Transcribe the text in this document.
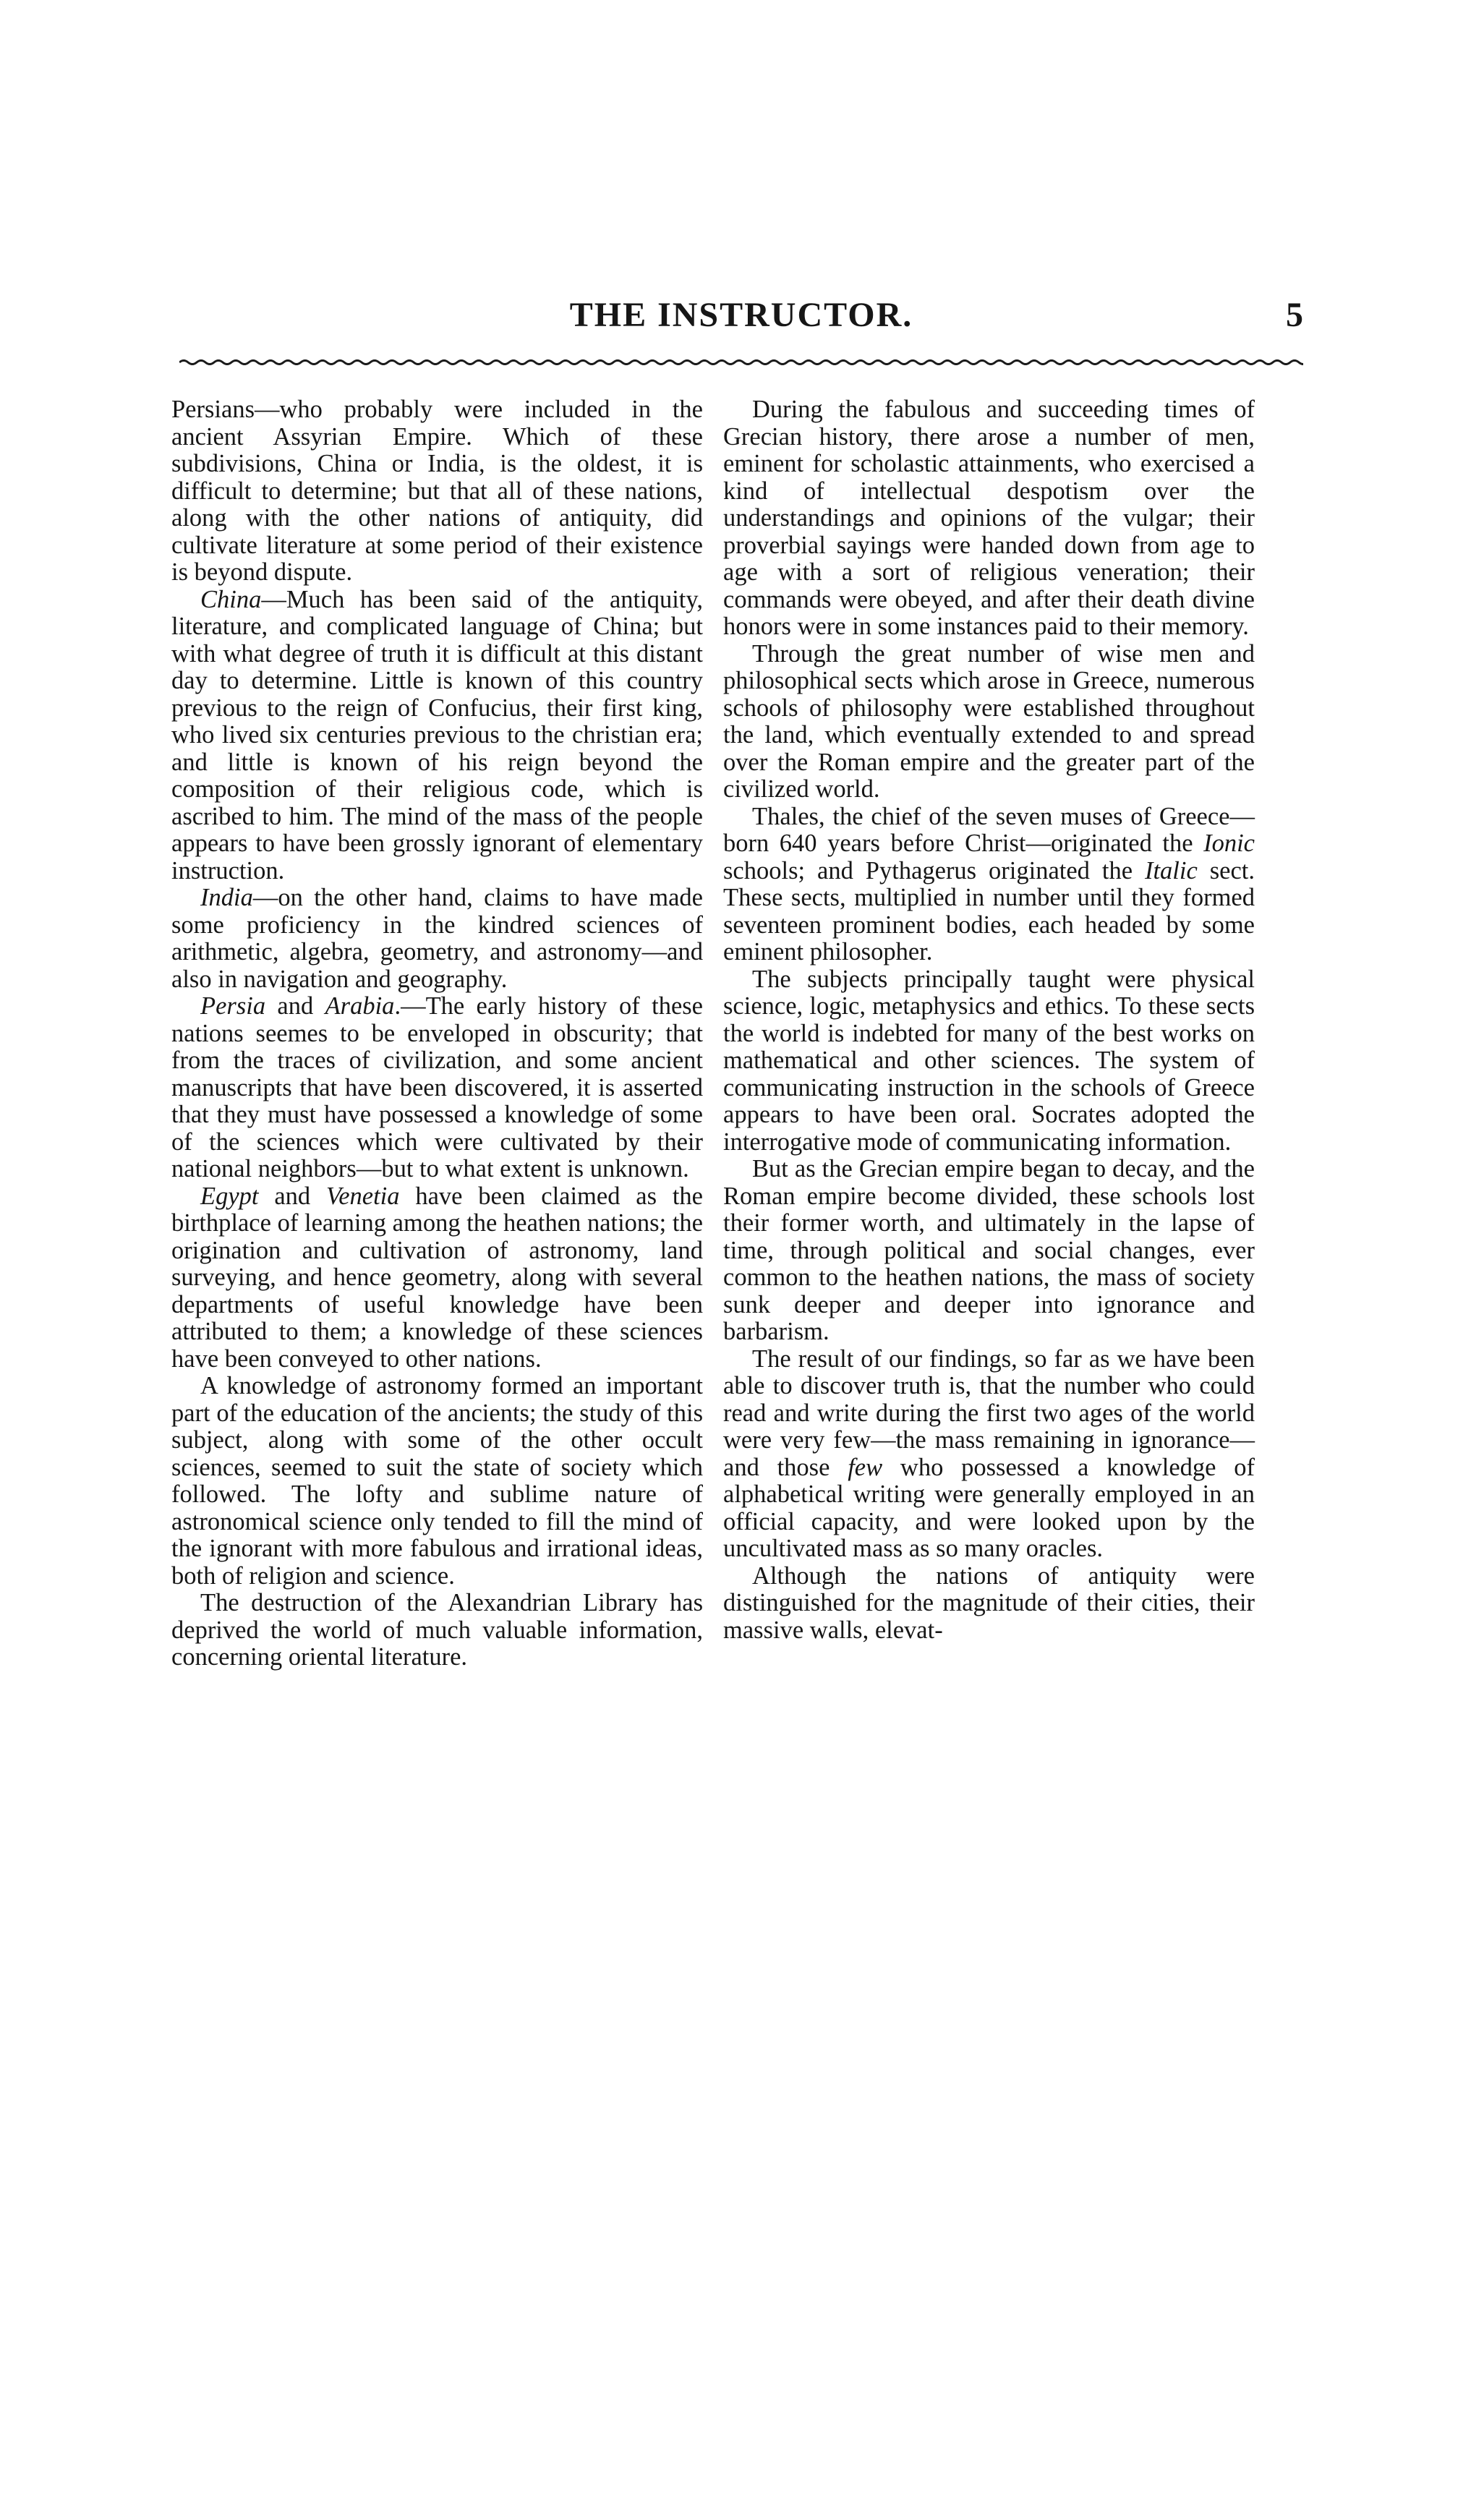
THE INSTRUCTOR.	5

Persians—who probably were included in the ancient Assyrian Empire. Which of these subdivisions, China or India, is the oldest, it is difficult to determine; but that all of these nations, along with the other nations of antiquity, did cultivate literature at some period of their existence is beyond dispute.

China—Much has been said of the antiquity, literature, and complicated language of China; but with what degree of truth it is difficult at this distant day to determine. Little is known of this country previous to the reign of Confucius, their first king, who lived six centuries previous to the christian era; and little is known of his reign beyond the composition of their religious code, which is ascribed to him. The mind of the mass of the people appears to have been grossly ignorant of elementary instruction.

India—on the other hand, claims to have made some proficiency in the kindred sciences of arithmetic, algebra, geometry, and astronomy—and also in navigation and geography.

Persia and Arabia.—The early history of these nations seemes to be enveloped in obscurity; that from the traces of civilization, and some ancient manuscripts that have been discovered, it is asserted that they must have possessed a knowledge of some of the sciences which were cultivated by their national neighbors—but to what extent is unknown.

Egypt and Venetia have been claimed as the birthplace of learning among the heathen nations; the origination and cultivation of astronomy, land surveying, and hence geometry, along with several departments of useful knowledge have been attributed to them; a knowledge of these sciences have been conveyed to other nations.

A knowledge of astronomy formed an important part of the education of the ancients; the study of this subject, along with some of the other occult sciences, seemed to suit the state of society which followed. The lofty and sublime nature of astronomical science only tended to fill the mind of the ignorant with more fabulous and irrational ideas, both of religion and science.

The destruction of the Alexandrian Library has deprived the world of much valuable information, concerning oriental literature.

During the fabulous and succeeding times of Grecian history, there arose a number of men, eminent for scholastic attainments, who exercised a kind of intellectual despotism over the understandings and opinions of the vulgar; their proverbial sayings were handed down from age to age with a sort of religious veneration; their commands were obeyed, and after their death divine honors were in some instances paid to their memory.

Through the great number of wise men and philosophical sects which arose in Greece, numerous schools of philosophy were established throughout the land, which eventually extended to and spread over the Roman empire and the greater part of the civilized world.

Thales, the chief of the seven muses of Greece—born 640 years before Christ—originated the Ionic schools; and Pythagerus originated the Italic sect. These sects, multiplied in number until they formed seventeen prominent bodies, each headed by some eminent philosopher.

The subjects principally taught were physical science, logic, metaphysics and ethics. To these sects the world is indebted for many of the best works on mathematical and other sciences. The system of communicating instruction in the schools of Greece appears to have been oral. Socrates adopted the interrogative mode of communicating information.

But as the Grecian empire began to decay, and the Roman empire become divided, these schools lost their former worth, and ultimately in the lapse of time, through political and social changes, ever common to the heathen nations, the mass of society sunk deeper and deeper into ignorance and barbarism.

The result of our findings, so far as we have been able to discover truth is, that the number who could read and write during the first two ages of the world were very few—the mass remaining in ignorance—and those few who possessed a knowledge of alphabetical writing were generally employed in an official capacity, and were looked upon by the uncultivated mass as so many oracles.

Although the nations of antiquity were distinguished for the magnitude of their cities, their massive walls, elevat-
